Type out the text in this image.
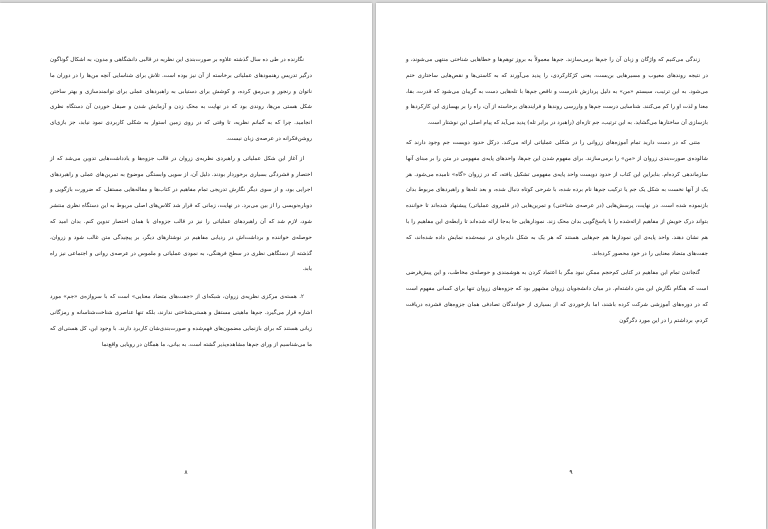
نگارنده در طی ده سال گذشته علاوه بر صورت‌بندی این نظریه در قالبی دانشگاهی و مدون، به اشکال گوناگون درگیر تدریس رهنمودهای عملیاتی برخاسته از آن نیز بوده است. تلاش برای شناسایی آنچه من‌ها را در دوران ما ناتوان و رنجور و بی‌رمق کرده، و کوشش برای دستیابی به راهبردهای عملی برای توانمندسازی و بهتر ساختن شکل هستی من‌ها، روندی بود که در نهایت به محک زدن و آزمایش شدن و صیقل خوردن آن دستگاه نظری انجامید. چرا که به گمانم نظریه، تا وقتی که در روی زمین استوار به شکلی کاربردی نمود نیابد، جز بازی‌ای روشن‌فکرانه در عرصه‌ی زبان نیست.

از آغاز این شکل عملیاتی و راهبردی نظریه‌ی زروان در قالب جزوه‌ها و یادداشت‌هایی تدوین می‌شد که از اختصار و فشردگی بسیاری برخوردار بودند. دلیل آن، از سویی وابستگی موضوع به تمرین‌های عملی و راهبردهای اجرایی بود، و از سوی دیگر نگارش تدریجی تمام مفاهیم در کتاب‌ها و مقاله‌هایی مستقل، که ضرورت بازگویی و دوباره‌نویسی را از بین می‌برد. در نهایت، زمانی که قرار شد کلاس‌های اصلی مربوط به این دستگاه نظری منتشر شود، لازم شد که آن راهبردهای عملیاتی را نیز در قالب جزوه‌ای با همان اختصار تدوین کنم. بدان امید که حوصله‌ی خواننده و برداشت‌اش در ردیابی مفاهیم در نوشتارهای دیگر، بر پیچیدگی متن غالب شود و زروان، گذشته از دستگاهی نظری در سطح فرهنگی، به نمودی عملیاتی و ملموس در عرصه‌ی روانی و اجتماعی نیز راه یابد.

۲. هسته‌ی مرکزی نظریه‌ی زروان، شبکه‌ای از «جفت‌های متضاد معنایی» است که با سروازه‌ی «جم» مورد اشاره قرار می‌گیرد. جم‌ها ماهیتی مستقل و هستی‌شناختی ندارند، بلکه تنها عناصری شناخت‌شناسانه و رمزگانی زبانی هستند که برای بازنمایی مضمون‌های فهم‌شده و صورت‌بندی‌شان کاربرد دارند. با وجود این، کل هستی‌ای که ما می‌شناسیم از ورای جم‌ها مشاهده‌پذیر گشته است. به بیانی، ما همگان در رویایی واقع‌نما

۸

زندگی می‌کنیم که واژگان و زبان آن را جم‌ها برمی‌سازند. جم‌ها معمولاً به بروز توهم‌ها و خطاهایی شناختی منتهی می‌شوند، و در نتیجه روندهای معیوب و مسیرهایی بن‌بست، یعنی کژکارکردی، را پدید می‌آورند که به کاستی‌ها و نقص‌هایی ساختاری ختم می‌شود. به این ترتیب، سیستم «من» به دلیل پردازش نادرست و ناقص جم‌ها با تله‌هایی دست به گریبان می‌شود که قدرت، بقا، معنا و لذت او را کم می‌کنند. شناسایی درست جم‌ها و واررسی روندها و فرایندهای برخاسته از آن، راه را بر بهسازی این کارکردها و بازسازی آن ساختارها می‌گشاید. به این ترتیب، جم تازه‌ای (راهبرد در برابر تله) پدید می‌آید که پیام اصلی این نوشتار است.

متنی که در دست دارید تمام آموزه‌های زروانی را در شکلی عملیاتی ارائه می‌کند. درکل حدود دویست جم وجود دارند که شالوده‌ی صورت‌بندی زروان از «من» را برمی‌سازند. برای مفهوم شدن این جم‌ها، واحدهای پایه‌ی مفهومی در متن را بر مبنای آنها سازماندهی کرده‌ام. بنابراین این کتاب از حدود دویست واحد پایه‌ی مفهومی تشکیل یافته، که در زروان «گاه» نامیده می‌شود. هر یک از آنها نخست به شکل یک جم یا ترکیب جم‌ها نام برده شده، با شرحی کوتاه دنبال شده، و بعد تله‌ها و راهبردهای مربوط بدان بازنموده شده است. در نهایت، پرسش‌هایی (در عرصه‌ی شناختی) و تمرین‌هایی (در قلمروی عملیاتی) پیشنهاد شده‌اند تا خواننده بتواند درک خویش از مفاهیم ارائه‌شده را با پاسخ‌گویی بدان محک زند. نمودارهایی جا به‌جا ارائه شده‌اند تا رابطه‌ی این مفاهیم را با هم نشان دهند. واحد پایه‌ی این نمودارها هم جم‌هایی هستند که هر یک به شکل دایره‌ای در نیمه‌شده نمایش داده شده‌اند، که جفت‌های متضاد معنایی را در خود محصور کرده‌اند.

گنجاندن تمام این مفاهیم در کتابی کم‌حجم ممکن نبود مگر با اعتماد کردن به هوشمندی و حوصله‌ی مخاطب، و این پیش‌فرضی است که هنگام نگارش این متن داشته‌ام. در میان دانشجویان زروان مشهور بود که جزوه‌های زروان تنها برای کسانی مفهوم است که در دوره‌های آموزشی شرکت کرده باشند، اما بازخوردی که از بسیاری از خوانندگان تصادفی همان جزوه‌های فشرده دریافت کردم، برداشتم را در این مورد دگرگون

۹
